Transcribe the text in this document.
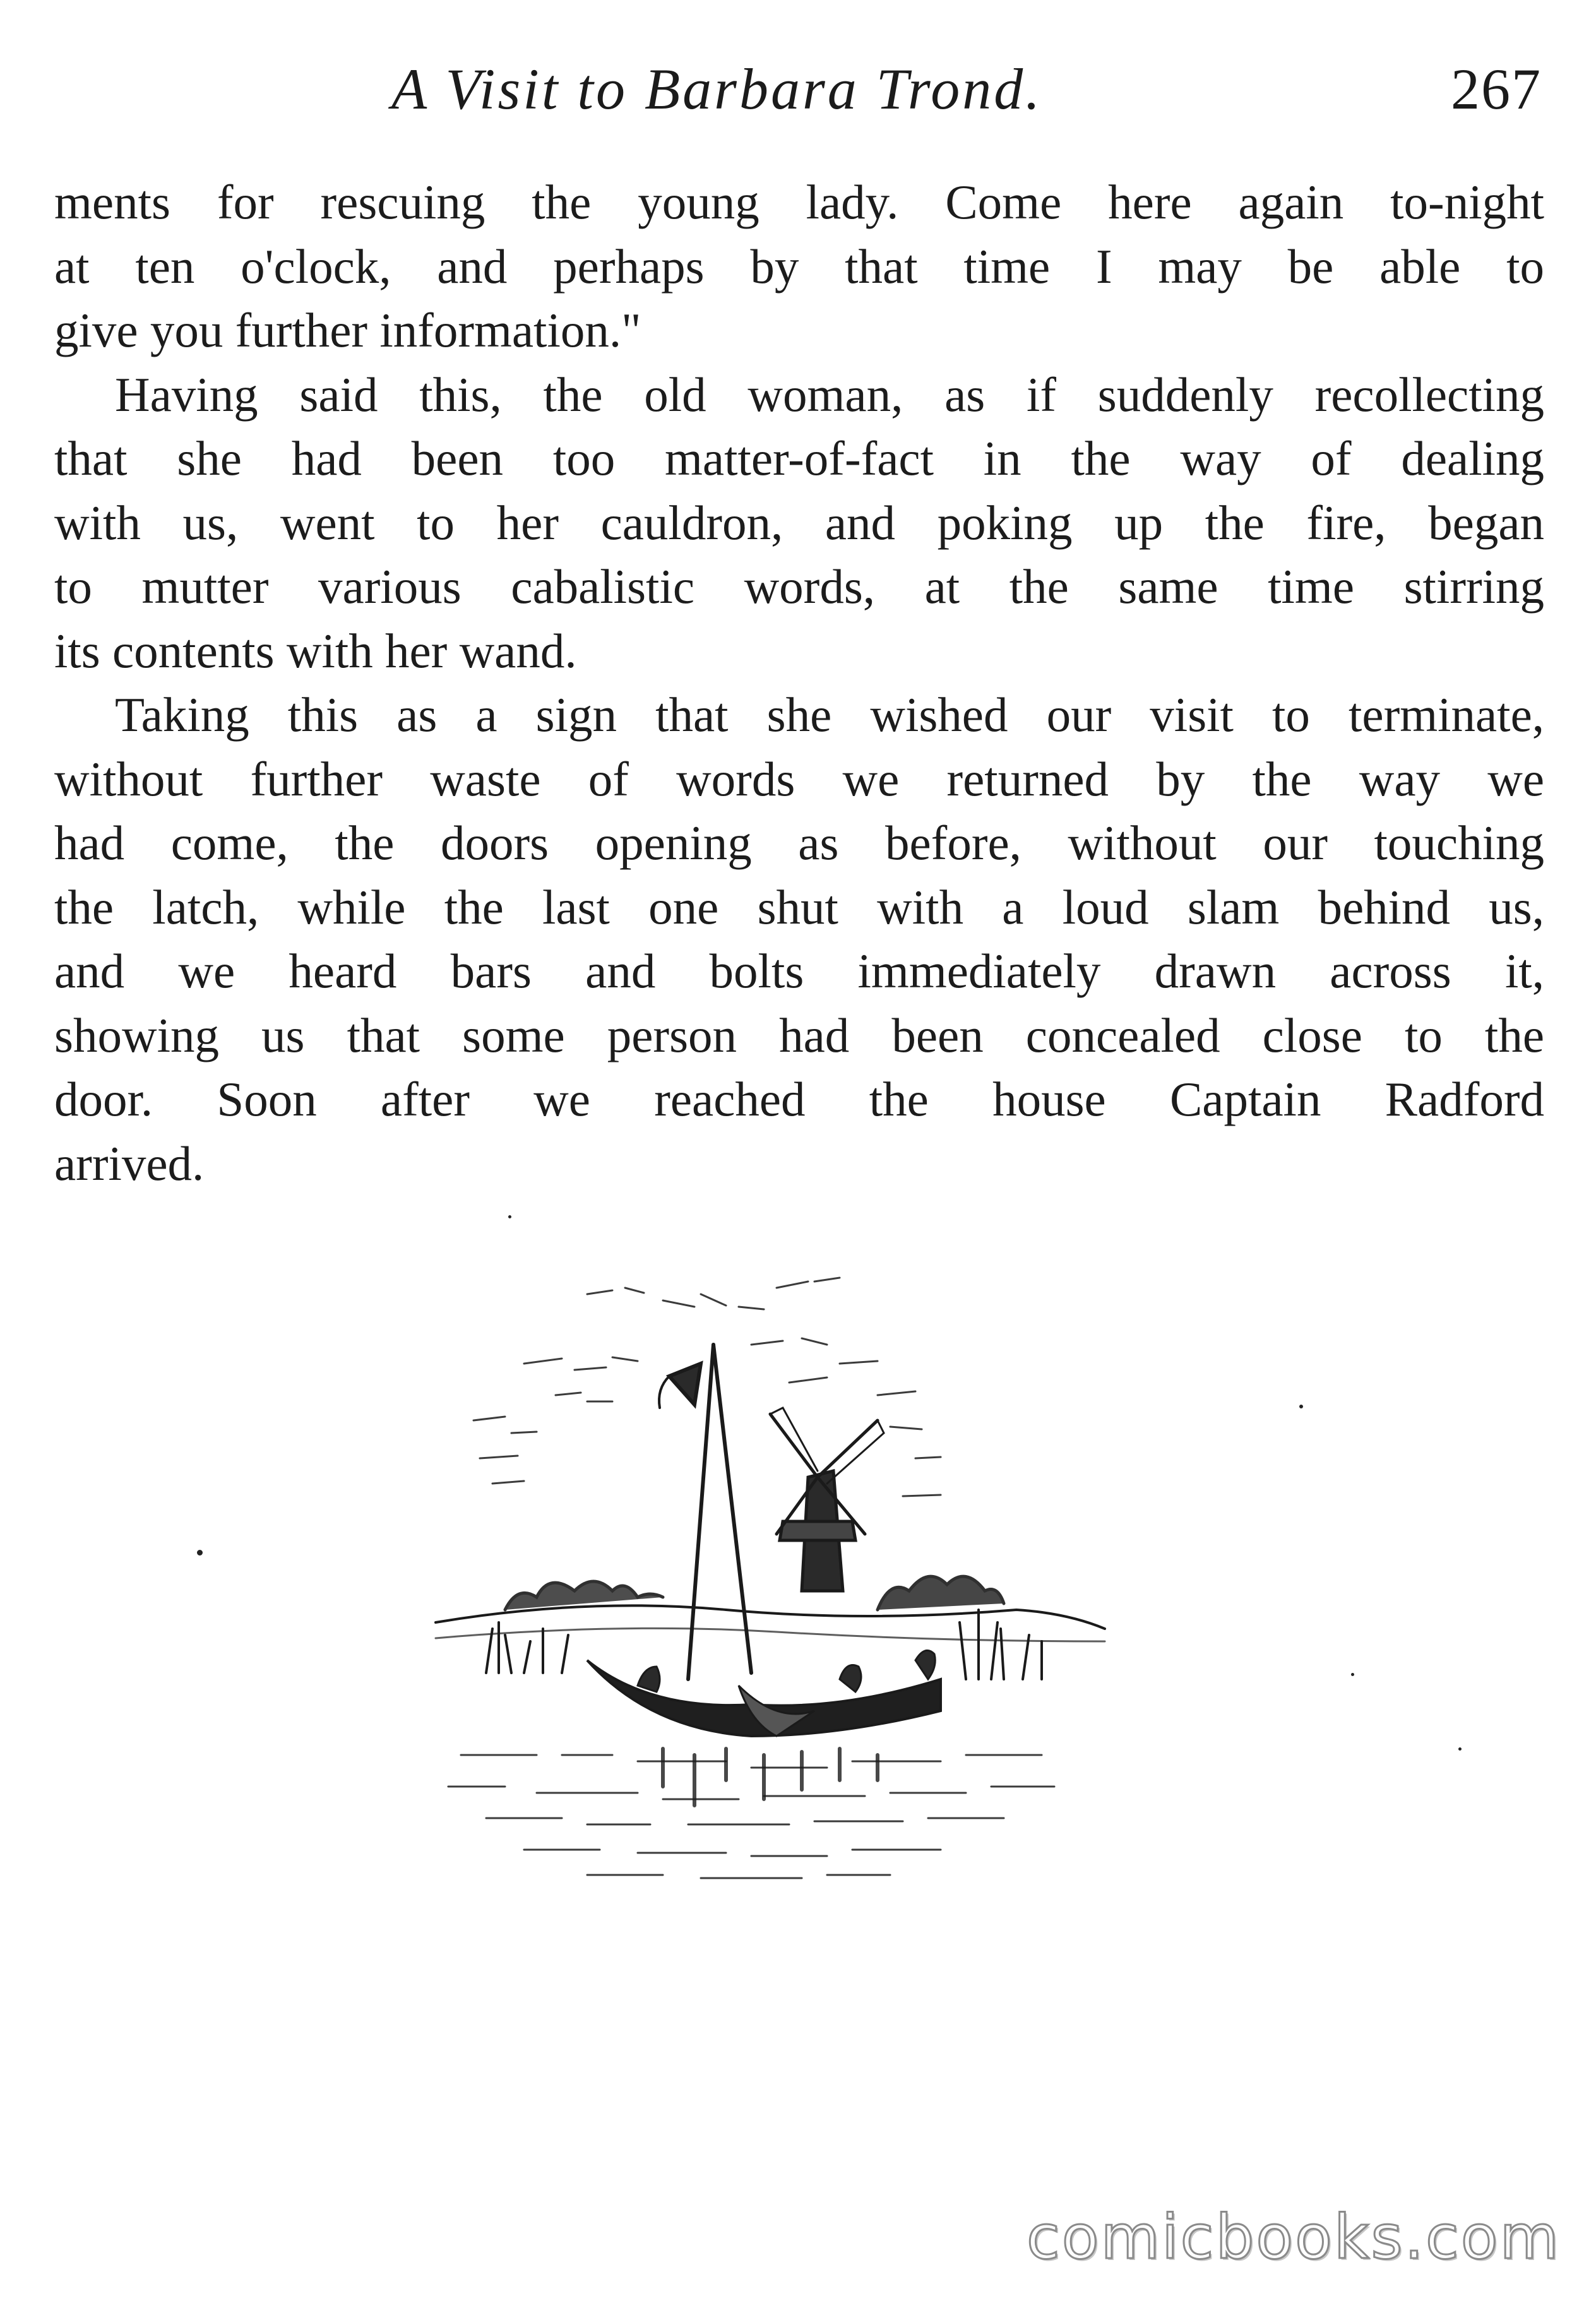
A Visit to Barbara Trond.	267
ments for rescuing the young lady. Come here again to-night
at ten o'clock, and perhaps by that time I may be able to
give you further information."
Having said this, the old woman, as if suddenly recollecting
that she had been too matter-of-fact in the way of dealing
with us, went to her cauldron, and poking up the fire, began
to mutter various cabalistic words, at the same time stirring
its contents with her wand.
Taking this as a sign that she wished our visit to terminate,
without further waste of words we returned by the way we
had come, the doors opening as before, without our touching
the latch, while the last one shut with a loud slam behind us,
and we heard bars and bolts immediately drawn across it,
showing us that some person had been concealed close to the
door. Soon after we reached the house Captain Radford
arrived.
comicbooks.com
